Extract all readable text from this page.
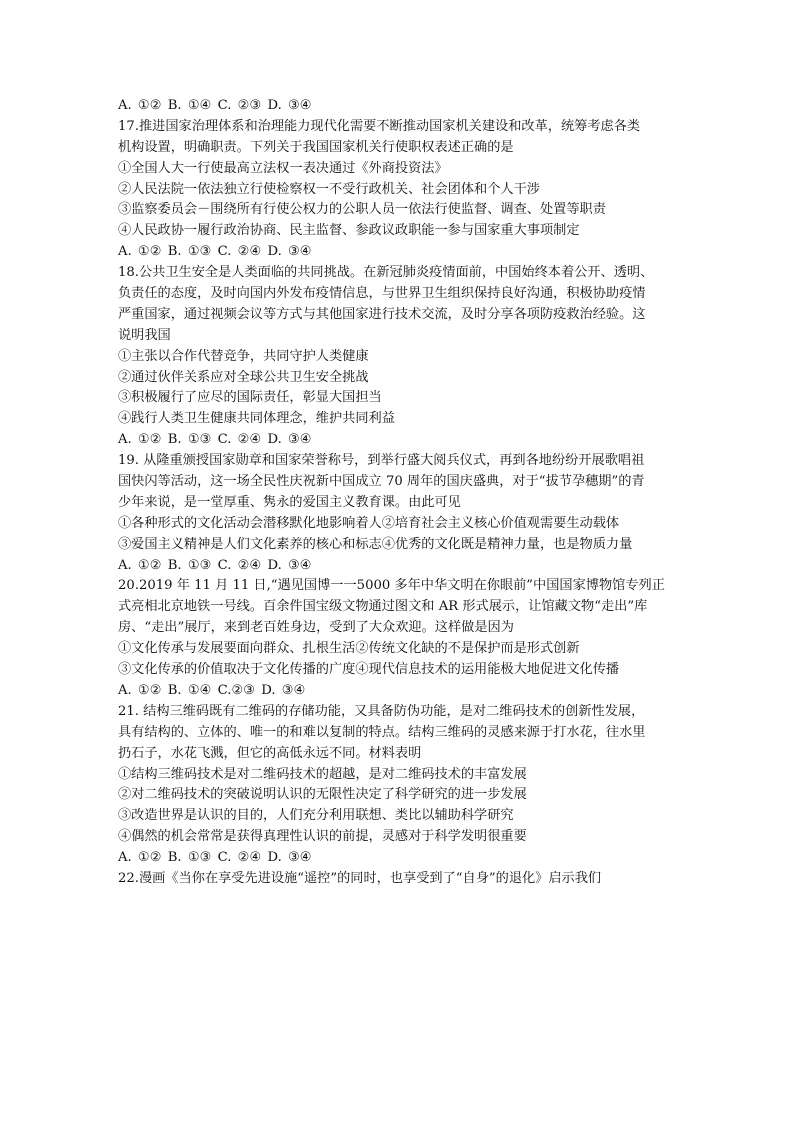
A. ①② B. ①④ C. ②③ D. ③④
17.推进国家治理体系和治理能力现代化需要不断推动国家机关建设和改革，统筹考虑各类
机构设置，明确职责。下列关于我国国家机关行使职权表述正确的是
①全国人大一行使最高立法权一表决通过《外商投资法》
②人民法院一依法独立行使检察权一不受行政机关、社会团体和个人干涉
③监察委员会－围绕所有行使公权力的公职人员一依法行使监督、调查、处置等职责
④人民政协一履行政治协商、民主监督、参政议政职能一参与国家重大事项制定
A. ①② B. ①③ C. ②④ D. ③④
18.公共卫生安全是人类面临的共同挑战。在新冠肺炎疫情面前，中国始终本着公开、透明、
负责任的态度，及时向国内外发布疫情信息，与世界卫生组织保持良好沟通，积极协助疫情
严重国家，通过视频会议等方式与其他国家进行技术交流，及时分享各项防疫救治经验。这
说明我国
①主张以合作代替竞争，共同守护人类健康
②通过伙伴关系应对全球公共卫生安全挑战
③积极履行了应尽的国际责任，彰显大国担当
④践行人类卫生健康共同体理念，维护共同利益
A. ①② B. ①③ C. ②④ D. ③④
19. 从隆重颁授国家勋章和国家荣誉称号，到举行盛大阅兵仪式，再到各地纷纷开展歌唱祖
国快闪等活动，这一场全民性庆祝新中国成立 70 周年的国庆盛典，对于“拔节孕穗期”的青
少年来说，是一堂厚重、隽永的爱国主义教育课。由此可见
①各种形式的文化活动会潜移默化地影响着人②培育社会主义核心价值观需要生动载体
③爱国主义精神是人们文化素养的核心和标志④优秀的文化既是精神力量，也是物质力量
A. ①② B. ①③ C. ②④ D. ③④
20.2019 年 11 月 11 日,“遇见国博一一5000 多年中华文明在你眼前”中国国家博物馆专列正
式亮相北京地铁一号线。百余件国宝级文物通过图文和 AR 形式展示，让馆藏文物“走出”库
房、“走出”展厅，来到老百姓身边，受到了大众欢迎。这样做是因为
①文化传承与发展要面向群众、扎根生活②传统文化缺的不是保护而是形式创新
③文化传承的价值取决于文化传播的广度④现代信息技术的运用能极大地促进文化传播
A. ①② B. ①④ C.②③ D. ③④
21. 结构三维码既有二维码的存储功能，又具备防伪功能，是对二维码技术的创新性发展，
具有结构的、立体的、唯一的和难以复制的特点。结构三维码的灵感来源于打水花，往水里
扔石子，水花飞溅，但它的高低永远不同。材料表明
①结构三维码技术是对二维码技术的超越，是对二维码技术的丰富发展
②对二维码技术的突破说明认识的无限性决定了科学研究的进一步发展
③改造世界是认识的目的，人们充分利用联想、类比以辅助科学研究
④偶然的机会常常是获得真理性认识的前提，灵感对于科学发明很重要
A. ①② B. ①③ C. ②④ D. ③④
22.漫画《当你在享受先进设施“遥控”的同时，也享受到了“自身”的退化》启示我们
